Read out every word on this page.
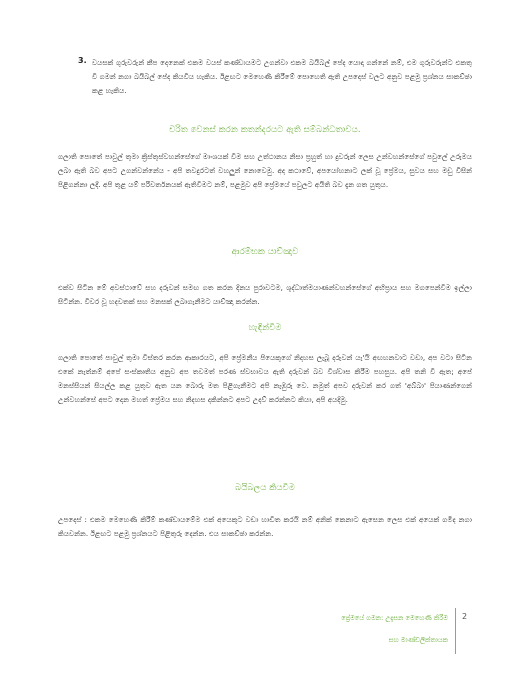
3. වයසක් ගුරුවරුන් කීප දෙනෙක් එකම වයස් කණ්ඩායමට උගන්වා එකම බයිබල් පේද යොදා ගන්නේ නම්, එම ගුරුවරුන්ට එකතු වී ගමන් නගා බයිබල් පේද කියවිය හැකිය. ඊළඟට මෙහෙණි කිරීමේ පොහෙති ඇති උපදෙස් වලට අනුව පළමු ප්‍රශ්නය සාකච්ඡා කළ හැකිය.
චරිත වෙනස් කරන කතන්දරයට ඇති සම්බන්ධතාවය.
ගලාති පොතේ පාවුල් තුමා ක්‍රිස්තුස්වහන්සේගේ මාංශයක් වීම සහ උත්ථානය නිසා ප්‍රහුත් හා දුවරුන් ලෙස උන්වහන්සේගේ පවුලේ උරුමය ලබා ඇති බව අපට උගන්වන්නේය - අපි තවදුරටත් වහලුන් නොවෙමු. අද කථාවේ, අපයෝහනාට ලක් වූ ප්‍රේමය, සුවය සහ මඩු විසින් පිළිගන්නා ලදී. අපි තුළ යම් පරිවර්තනයක් ඇතිවීමට නම්, පළමුව අපි ප්‍රේමයේ පවුලට අයිති බව දැන ගත යුතුය.
ආරම්භක යාච්ඤාව
එක්ව සිටින මේ අවස්ථාවේ සහ දරුවන් සමඟ ගත කරන දිනය පුරාවටම, ශුද්ධාත්මයාණන්වහන්සේගේ අභිප්‍රාය සහ මගපෙන්වීම ඉල්ලා සිටින්න. විවර වූ හදවතක් සහ මනසක් ලබාගැනීමට යාච්ඤා කරන්න.
හැඳින්වීම
ගලාති පොතේ පාවුල් තුමා විස්තර කරන ආකාරයට, අපි ප්‍රේමනීය පියෙකුගේ නිදහස ලැබූ දරුවන් යැ'යි අඟහනවාට වඩා, අප වටා සිටින එකේ නැත්නම් අපේ සංස්කෘතිය අනුව අප තවමත් පරණ ස්වභාවය ඇති දරුවන් බව විශ්වාස කිරීම පහසුය. අපි තනි වී ඇත; අපේ මනස්සියන් සියල්ල කළ යුතුව ඇත යන බොරු මත පිළිගැනීමට අපි නැඹුරු වෙ. නමුත් අපව දරුවන් කර ගත් 'අබ්බා' පියාණන්ගෙන් උන්වහන්සේ අපට දෙන මහත් ප්‍රේමය සහ නිදහස දකින්නට අපට උදව් කරන්නට කියා, අපි අයදිමු.
බයිබලය කියවීම
උපදෙස් : එකම මෙහෙණි කිරීම් කණ්ඩායමේම එක් අයෙකුට වඩා හාඩීත කරයි නම් අනික් කෙනාට ඇසෙන ලෙස එක් අයෙක් ගමිද නගා කියවන්න. ඊළඟට පළමු ප්‍රශ්නයට පිළිතුරු දෙන්න. එය සාකච්ඡා කරන්න.
ප්‍රේමයේ ගමන: උදැසන මෙහෙණි කිරීම
සහ මාණ්ඩලික්තායක
2
